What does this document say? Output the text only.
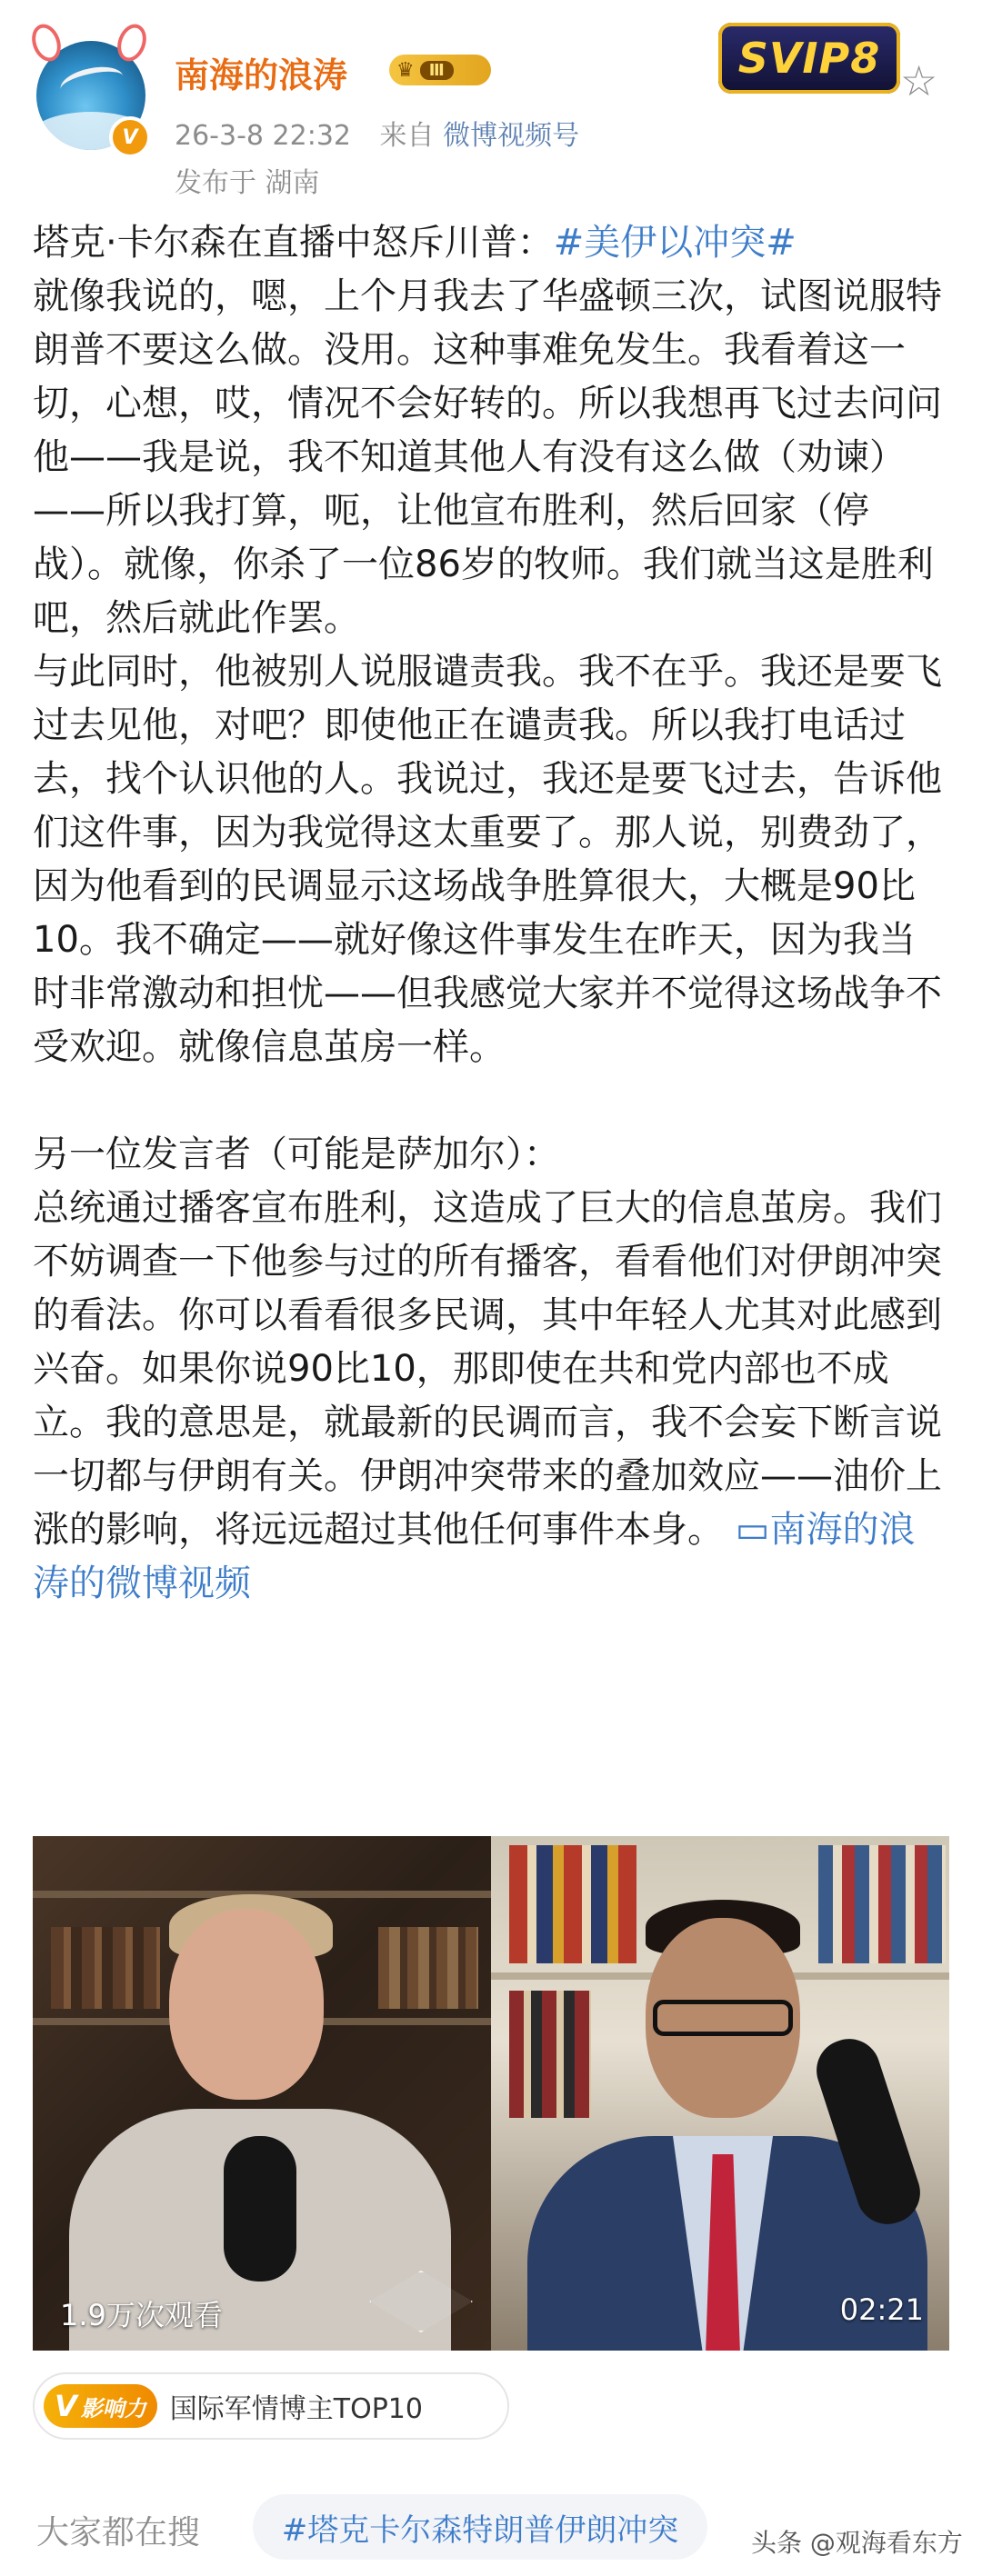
V
南海的浪涛 ♛ Ⅲ
26-3-8 22:32 来自 微博视频号
发布于 湖南
SVIP8 ☆

塔克·卡尔森在直播中怒斥川普：#美伊以冲突#

就像我说的，嗯，上个月我去了华盛顿三次，试图说服特朗普不要这么做。没用。这种事难免发生。我看着这一切，心想，哎，情况不会好转的。所以我想再飞过去问问他——我是说，我不知道其他人有没有这么做（劝谏）——所以我打算，呃，让他宣布胜利，然后回家（停战）。就像，你杀了一位86岁的牧师。我们就当这是胜利吧，然后就此作罢。

与此同时，他被别人说服谴责我。我不在乎。我还是要飞过去见他，对吧？即使他正在谴责我。所以我打电话过去，找个认识他的人。我说过，我还是要飞过去，告诉他们这件事，因为我觉得这太重要了。那人说，别费劲了，因为他看到的民调显示这场战争胜算很大，大概是90比10。我不确定——就好像这件事发生在昨天，因为我当时非常激动和担忧——但我感觉大家并不觉得这场战争不受欢迎。就像信息茧房一样。

另一位发言者（可能是萨加尔）：

总统通过播客宣布胜利，这造成了巨大的信息茧房。我们不妨调查一下他参与过的所有播客，看看他们对伊朗冲突的看法。你可以看看很多民调，其中年轻人尤其对此感到兴奋。如果你说90比10，那即使在共和党内部也不成立。我的意思是，就最新的民调而言，我不会妄下断言说一切都与伊朗有关。伊朗冲突带来的叠加效应——油价上涨的影响，将远远超过其他任何事件本身。 ▭南海的浪涛的微博视频

1.9万次观看	02:21
V 影响力 国际军情博主TOP10
大家都在搜	#塔克卡尔森特朗普伊朗冲突	头条 @观海看东方
